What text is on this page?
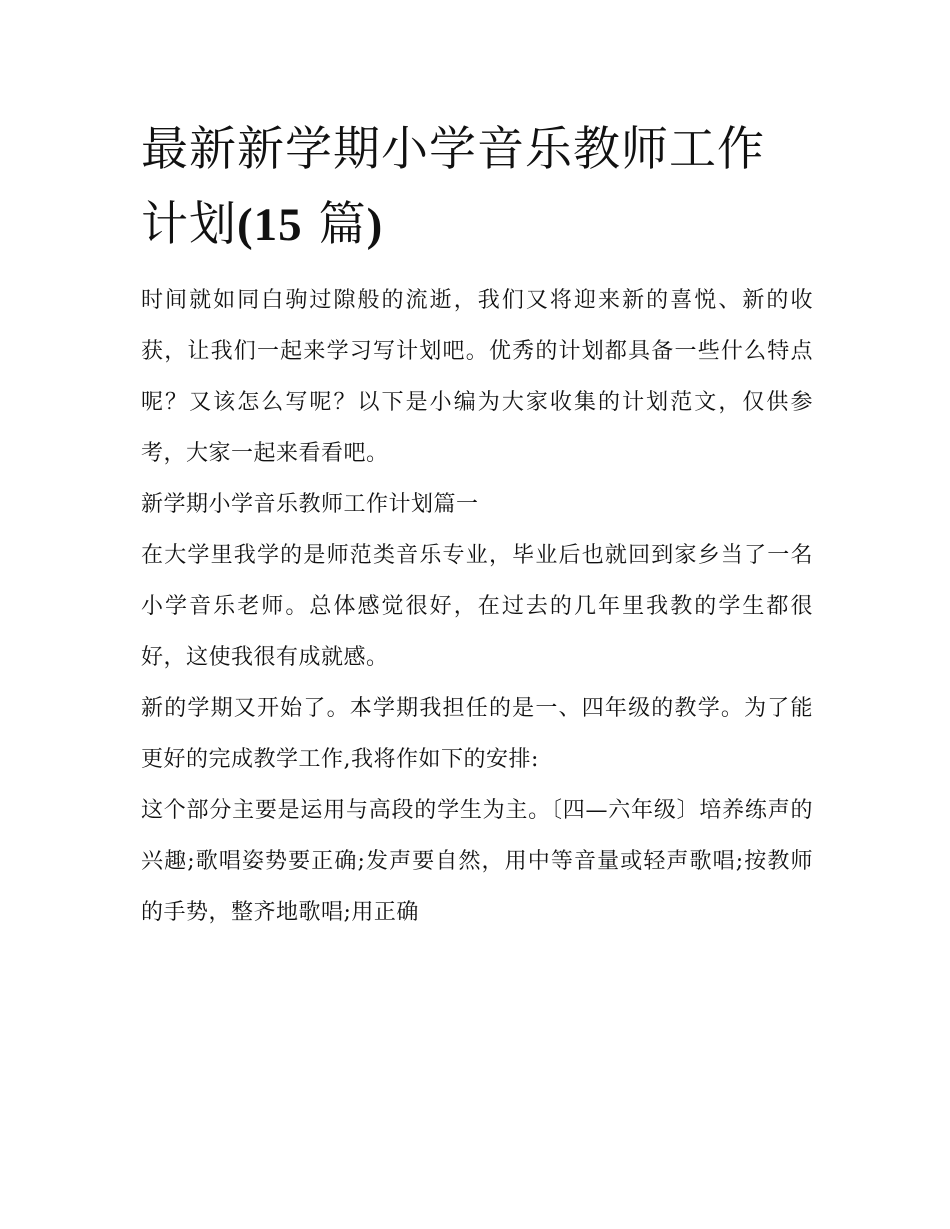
最新新学期小学音乐教师工作
计划(15 篇)

时间就如同白驹过隙般的流逝，我们又将迎来新的喜悦、新的收获，让我们一起来学习写计划吧。优秀的计划都具备一些什么特点呢？又该怎么写呢？以下是小编为大家收集的计划范文，仅供参考，大家一起来看看吧。

新学期小学音乐教师工作计划篇一

在大学里我学的是师范类音乐专业，毕业后也就回到家乡当了一名小学音乐老师。总体感觉很好，在过去的几年里我教的学生都很好，这使我很有成就感。

新的学期又开始了。本学期我担任的是一、四年级的教学。为了能更好的完成教学工作,我将作如下的安排:

这个部分主要是运用与高段的学生为主。〔四—六年级〕培养练声的兴趣;歌唱姿势要正确;发声要自然，用中等音量或轻声歌唱;按教师的手势，整齐地歌唱;用正确
